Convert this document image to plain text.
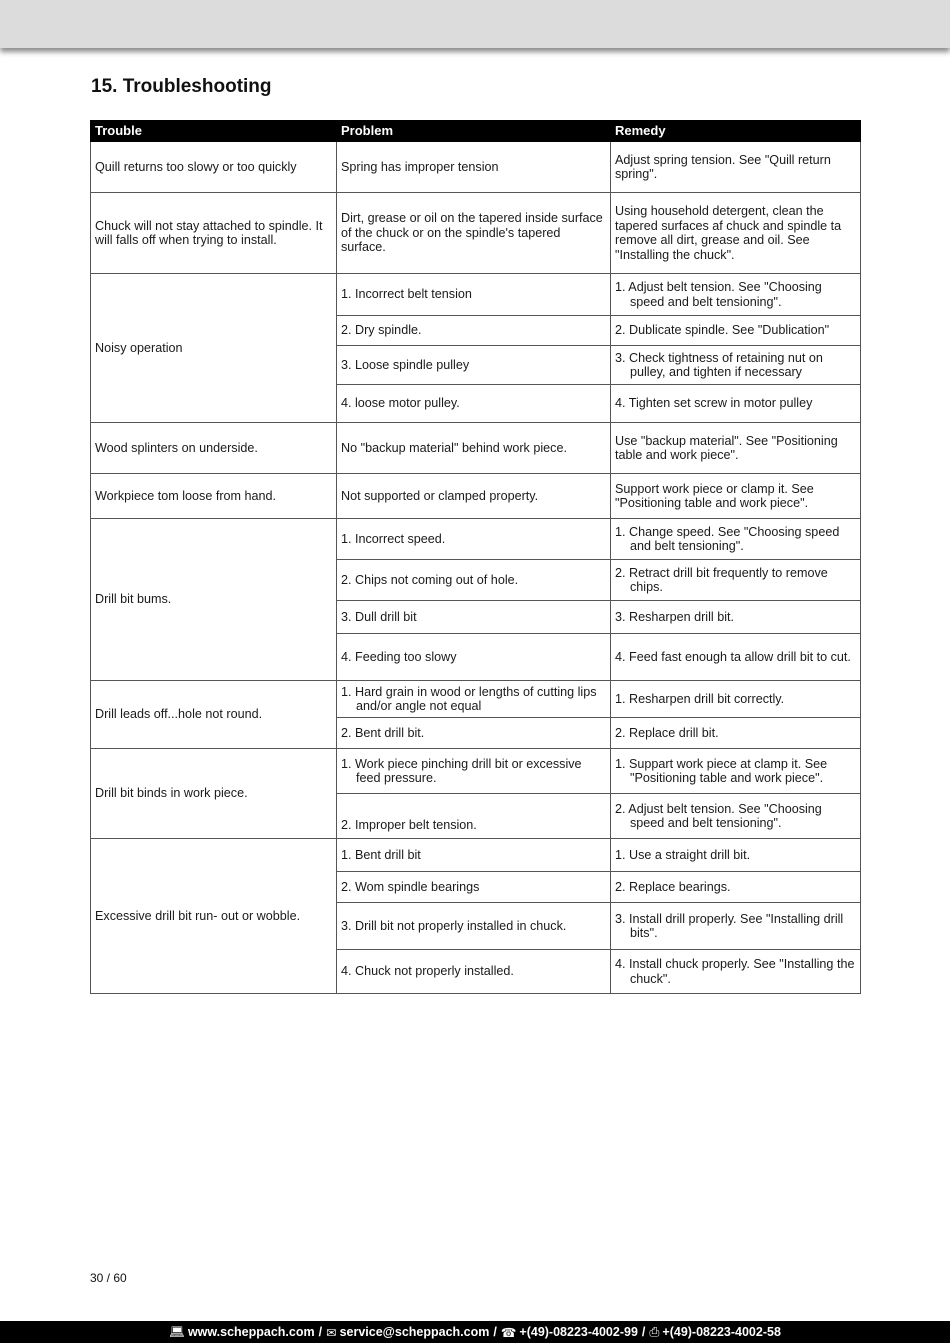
15. Troubleshooting
Trouble	Problem	Remedy
Quill returns too slowy or too quickly	Spring has improper tension	Adjust spring tension. See "Quill return spring".
Chuck will not stay attached to spindle. It will falls off when trying to install.	Dirt, grease or oil on the tapered inside surface of the chuck or on the spindle's tapered surface.	Using household detergent, clean the tapered surfaces af chuck and spindle ta remove all dirt, grease and oil. See "Installing the chuck".
Noisy operation	1. Incorrect belt tension	1. Adjust belt tension. See "Choosing speed and belt tensioning".

	2. Dry spindle.	2. Dublicate spindle. See "Dublication"
	3. Loose spindle pulley	3. Check tightness of retaining nut on pulley, and tighten if necessary

	4. loose motor pulley.	4. Tighten set screw in motor pulley
Wood splinters on underside.	No "backup material" behind work piece.	Use "backup material". See "Positioning table and work piece".
Workpiece tom loose from hand.	Not supported or clamped property.	Support work piece or clamp it. See "Positioning table and work piece".
Drill bit bums.	1. Incorrect speed.	1. Change speed. See "Choosing speed and belt tensioning".

	2. Chips not coming out of hole.	2. Retract drill bit frequently to remove chips.

	3. Dull drill bit	3. Resharpen drill bit.
	4. Feeding too slowy	4. Feed fast enough ta allow drill bit to cut.

Drill leads off...hole not round.	1. Hard grain in wood or lengths of cutting lips and/or angle not equal	1. Resharpen drill bit correctly.
	2. Bent drill bit.	2. Replace drill bit.
Drill bit binds in work piece.	1. Work piece pinching drill bit or excessive feed pressure.	1. Suppart work piece at clamp it. See "Positioning table and work piece".

	2. Improper belt tension.	2. Adjust belt tension. See "Choosing speed and belt tensioning".

Excessive drill bit run- out or wobble.	1. Bent drill bit	1. Use a straight drill bit.
	2. Wom spindle bearings	2. Replace bearings.
	3. Drill bit not properly installed in chuck.	3. Install drill properly. See "Installing drill bits".

	4. Chuck not properly installed.	4. Install chuck properly. See "Installing the chuck".
30 / 60
💻︎ www.scheppach.com / ✉︎ service@scheppach.com / ☎ +(49)-08223-4002-99 / ⎙ +(49)-08223-4002-58
